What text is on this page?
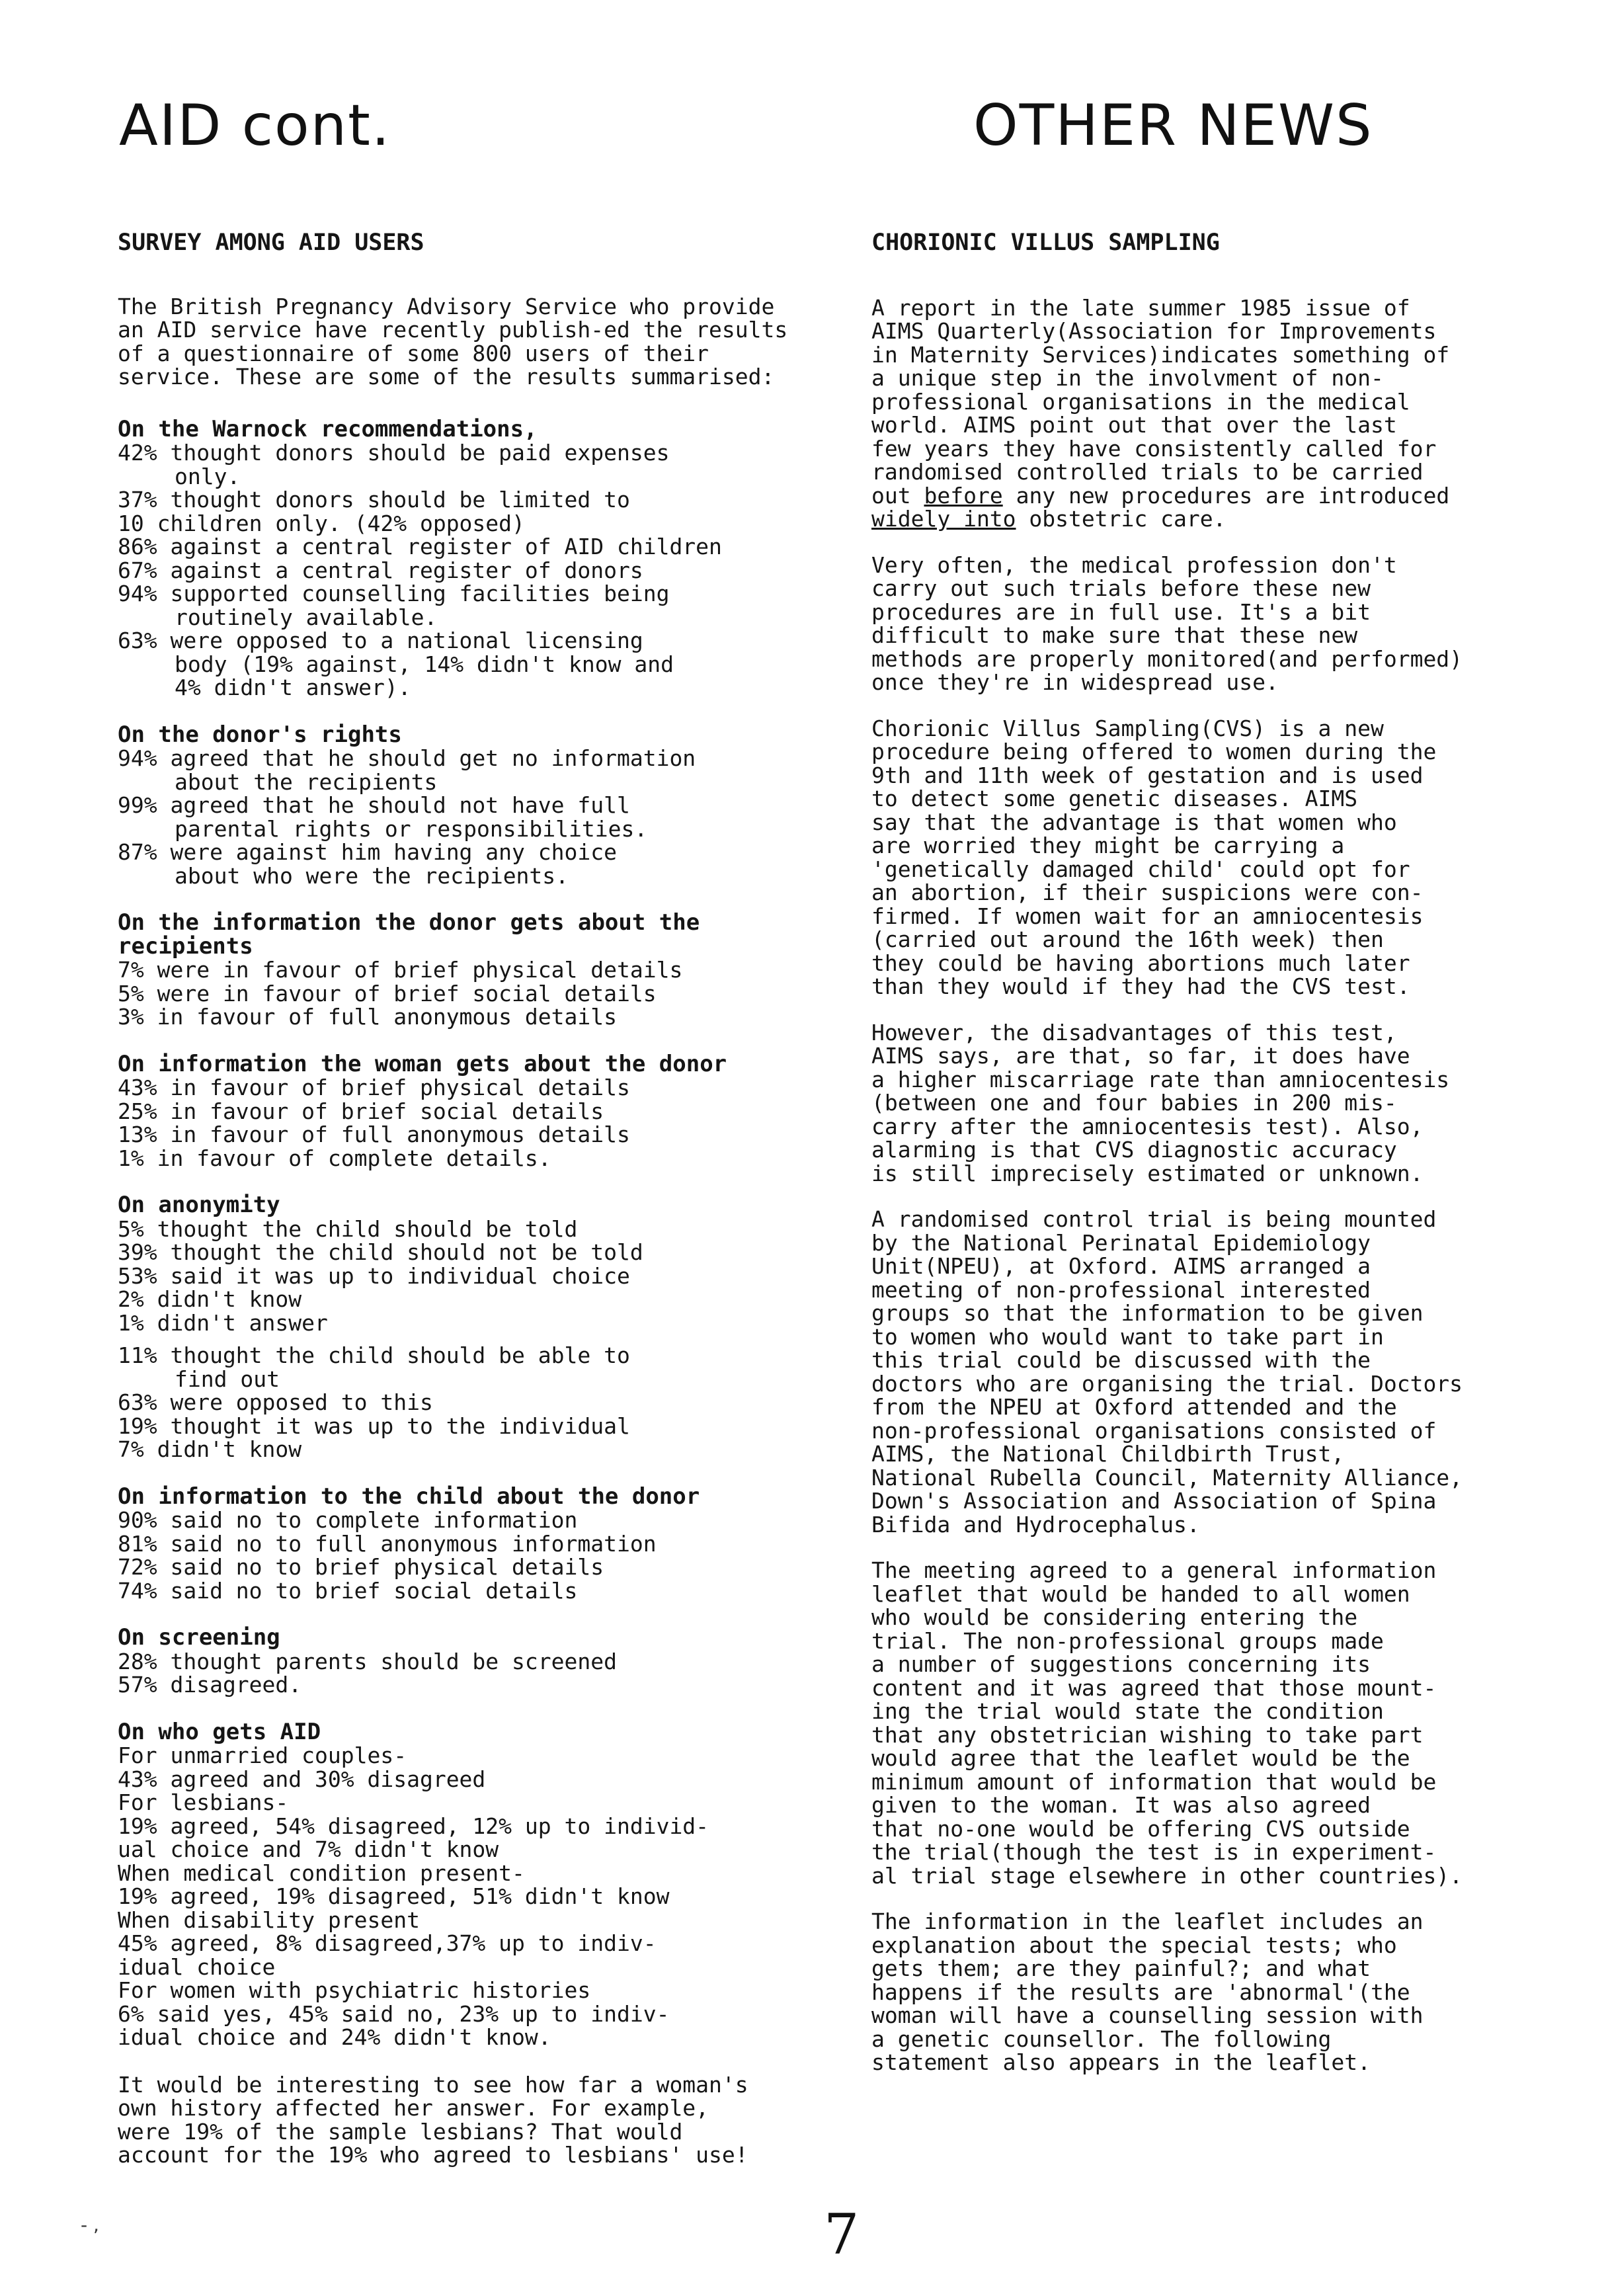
AID cont.	OTHER NEWS
SURVEY AMONG AID USERS
The British Pregnancy Advisory Service who provide an AID service have recently publish-ed the results of a questionnaire of some 800 users of their service. These are some of the results summarised:
On the Warnock recommendations,
42% thought donors should be paid expenses
only.
37% thought donors should be limited to
10 children only. (42% opposed)
86% against a central register of AID children
67% against a central register of donors
94% supported counselling facilities being
routinely available.
63% were opposed to a national licensing
body (19% against, 14% didn't know and
4% didn't answer).
On the donor's rights
94% agreed that he should get no information
about the recipients
99% agreed that he should not have full
parental rights or responsibilities.
87% were against him having any choice
about who were the recipients.
On the information the donor gets about the recipients
7% were in favour of brief physical details
5% were in favour of brief social details
3% in favour of full anonymous details
On information the woman gets about the donor
43% in favour of brief physical details
25% in favour of brief social details
13% in favour of full anonymous details
1% in favour of complete details.
On anonymity
5% thought the child should be told
39% thought the child should not be told
53% said it was up to individual choice
2% didn't know
1% didn't answer
11% thought the child should be able to
find out
63% were opposed to this
19% thought it was up to the individual
7% didn't know
On information to the child about the donor
90% said no to complete information
81% said no to full anonymous information
72% said no to brief physical details
74% said no to brief social details
On screening
28% thought parents should be screened
57% disagreed.
On who gets AID
For unmarried couples-
43% agreed and 30% disagreed
For lesbians-
19% agreed, 54% disagreed, 12% up to individ-
ual choice and 7% didn't know
When medical condition present-
19% agreed, 19% disagreed, 51% didn't know
When disability present
45% agreed, 8% disagreed,37% up to indiv-
idual choice
For women with psychiatric histories
6% said yes, 45% said no, 23% up to indiv-
idual choice and 24% didn't know.
It would be interesting to see how far a woman's
own history affected her answer. For example,
were 19% of the sample lesbians? That would
account for the 19% who agreed to lesbians' use!
CHORIONIC VILLUS SAMPLING
A report in the late summer 1985 issue of
AIMS Quarterly(Association for Improvements
in Maternity Services)indicates something of
a unique step in the involvment of non-
professional organisations in the medical
world. AIMS point out that over the last
few years they have consistently called for
randomised controlled trials to be carried
out before any new procedures are introduced
widely into obstetric care.
Very often, the medical profession don't
carry out such trials before these new
procedures are in full use. It's a bit
difficult to make sure that these new
methods are properly monitored(and performed)
once they're in widespread use.
Chorionic Villus Sampling(CVS) is a new
procedure being offered to women during the
9th and 11th week of gestation and is used
to detect some genetic diseases. AIMS
say that the advantage is that women who
are worried they might be carrying a
'genetically damaged child' could opt for
an abortion, if their suspicions were con-
firmed. If women wait for an amniocentesis
(carried out around the 16th week) then
they could be having abortions much later
than they would if they had the CVS test.
However, the disadvantages of this test,
AIMS says, are that, so far, it does have
a higher miscarriage rate than amniocentesis
(between one and four babies in 200 mis-
carry after the amniocentesis test). Also,
alarming is that CVS diagnostic accuracy
is still imprecisely estimated or unknown.
A randomised control trial is being mounted
by the National Perinatal Epidemiology
Unit(NPEU), at Oxford. AIMS arranged a
meeting of non-professional interested
groups so that the information to be given
to women who would want to take part in
this trial could be discussed with the
doctors who are organising the trial. Doctors
from the NPEU at Oxford attended and the
non-professional organisations consisted of
AIMS, the National Childbirth Trust,
National Rubella Council, Maternity Alliance,
Down's Association and Association of Spina
Bifida and Hydrocephalus.
The meeting agreed to a general information
leaflet that would be handed to all women
who would be considering entering the
trial. The non-professional groups made
a number of suggestions concerning its
content and it was agreed that those mount-
ing the trial would state the condition
that any obstetrician wishing to take part
would agree that the leaflet would be the
minimum amount of information that would be
given to the woman. It was also agreed
that no-one would be offering CVS outside
the trial(though the test is in experiment-
al trial stage elsewhere in other countries).
The information in the leaflet includes an
explanation about the special tests; who
gets them; are they painful?; and what
happens if the results are 'abnormal'(the
woman will have a counselling session with
a genetic counsellor. The following
statement also appears in the leaflet.
- ,	7
